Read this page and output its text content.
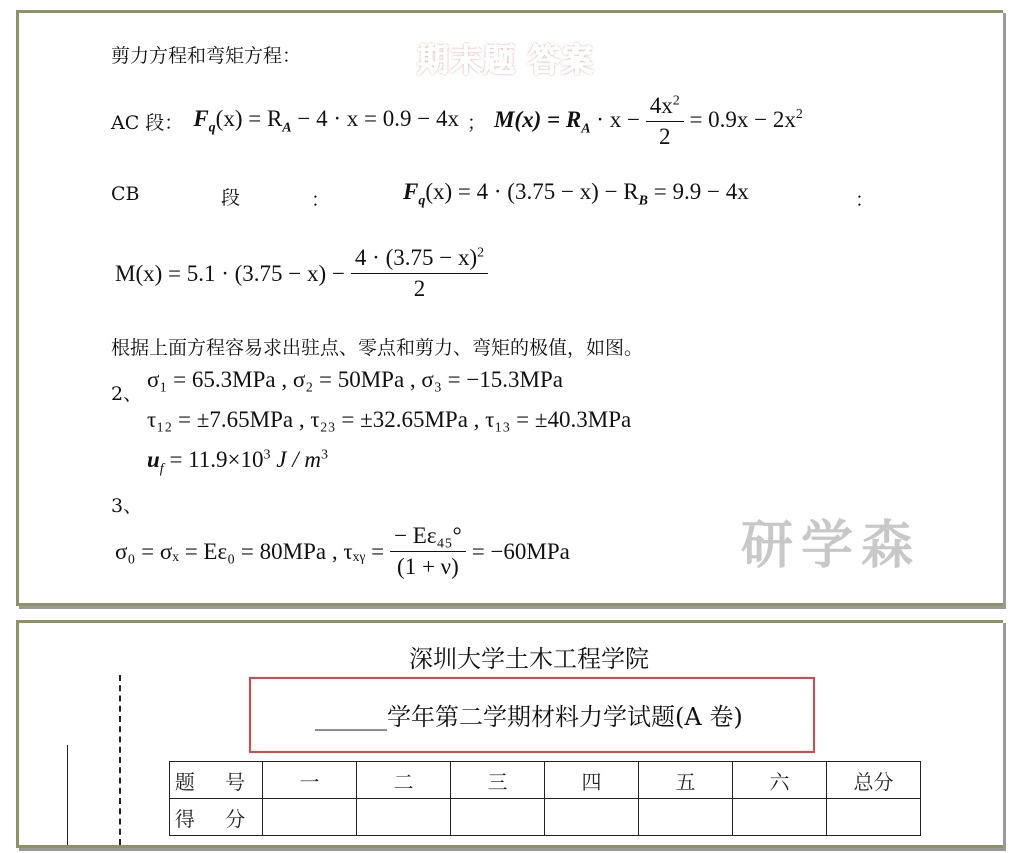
剪力方程和弯矩方程：	期末题 答案
AC 段： $F_q(x) = R_A - 4 \cdot x = 0.9 - 4x$ ； $M(x) = R_A \cdot x - \frac{4x^2}{2} = 0.9x - 2x^2$
CB	段	：	$F_q(x) = 4 \cdot (3.75 - x) - R_B = 9.9 - 4x$	：
$M(x) = 5.1 \cdot (3.75 - x) - \frac{4 \cdot (3.75 - x)^2}{2}$
根据上面方程容易求出驻点、零点和剪力、弯矩的极值，如图。
2、
σ₁ = 65.3MPa , σ₂ = 50MPa , σ₃ = −15.3MPa
τ₁₂ = ±7.65MPa , τ₂₃ = ±32.65MPa , τ₁₃ = ±40.3MPa
$u_f = 11.9\times 10^3$ J / $m^3$
3、
σ₀ = σₓ = Eε₀ = 80MPa , τₓᵧ = $\frac{\text{− Eε₄₅°}}{(1 + \nu)} = -60MPa$	研学森
深圳大学土木工程学院
______学年第二学期材料力学试题(A 卷)
题 号	一	二	三	四	五	六	总分
得 分							
